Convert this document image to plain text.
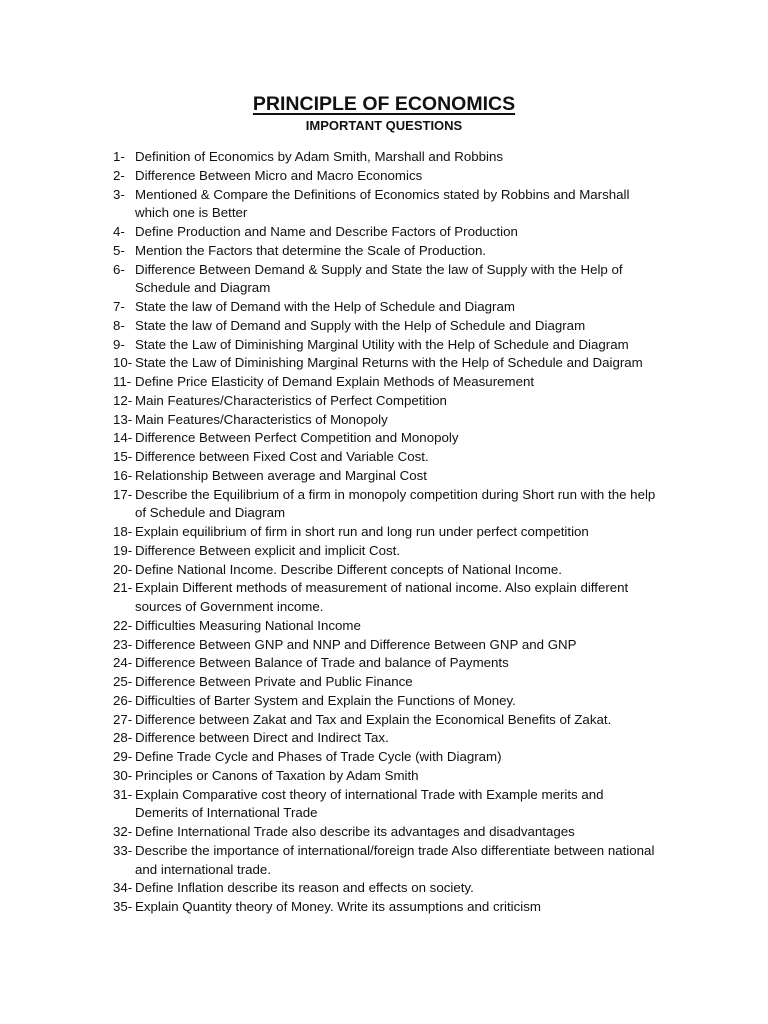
PRINCIPLE OF ECONOMICS
IMPORTANT QUESTIONS
1- Definition of Economics by Adam Smith, Marshall and Robbins
2- Difference Between Micro and Macro Economics
3- Mentioned & Compare the Definitions of Economics stated by Robbins and Marshall
which one is Better
4- Define Production and Name and Describe Factors of Production
5- Mention the Factors that determine the Scale of Production.
6- Difference Between Demand & Supply and State the law of Supply with the Help of
Schedule and Diagram
7- State the law of Demand with the Help of Schedule and Diagram
8- State the law of Demand and Supply with the Help of Schedule and Diagram
9- State the Law of Diminishing Marginal Utility with the Help of Schedule and Diagram
10- State the Law of Diminishing Marginal Returns with the Help of Schedule and Daigram
11- Define Price Elasticity of Demand Explain Methods of Measurement
12- Main Features/Characteristics of Perfect Competition
13- Main Features/Characteristics of Monopoly
14- Difference Between Perfect Competition and Monopoly
15- Difference between Fixed Cost and Variable Cost.
16- Relationship Between average and Marginal Cost
17- Describe the Equilibrium of a firm in monopoly competition during Short run with the help
of Schedule and Diagram
18- Explain equilibrium of firm in short run and long run under perfect competition
19- Difference Between explicit and implicit Cost.
20- Define National Income. Describe Different concepts of National Income.
21- Explain Different methods of measurement of national income. Also explain different
sources of Government income.
22- Difficulties Measuring National Income
23- Difference Between GNP and NNP and Difference Between GNP and GNP
24- Difference Between Balance of Trade and balance of Payments
25- Difference Between Private and Public Finance
26- Difficulties of Barter System and Explain the Functions of Money.
27- Difference between Zakat and Tax and Explain the Economical Benefits of Zakat.
28- Difference between Direct and Indirect Tax.
29- Define Trade Cycle and Phases of Trade Cycle (with Diagram)
30- Principles or Canons of Taxation by Adam Smith
31- Explain Comparative cost theory of international Trade with Example merits and
Demerits of International Trade
32- Define International Trade also describe its advantages and disadvantages
33- Describe the importance of international/foreign trade Also differentiate between national
and international trade.
34- Define Inflation describe its reason and effects on society.
35- Explain Quantity theory of Money. Write its assumptions and criticism
